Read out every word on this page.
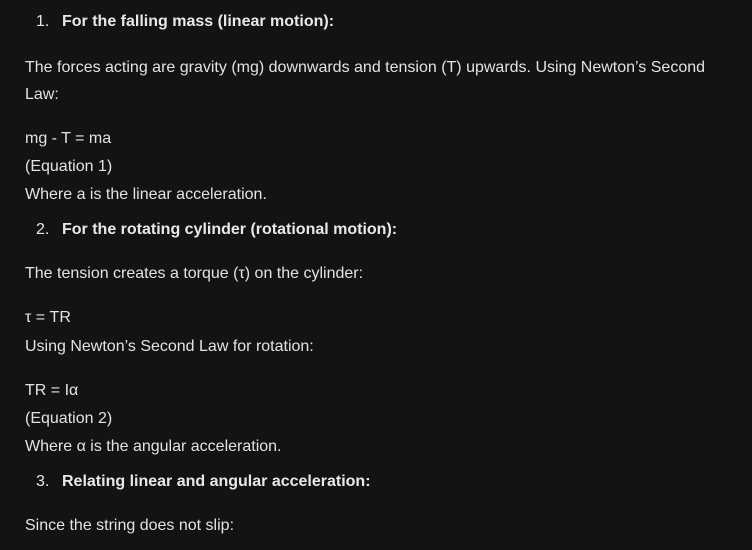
1. For the falling mass (linear motion):
The forces acting are gravity (mg) downwards and tension (T) upwards. Using Newton’s Second Law:
mg - T = ma
(Equation 1)
Where a is the linear acceleration.
2. For the rotating cylinder (rotational motion):
The tension creates a torque (τ) on the cylinder:
τ = TR
Using Newton’s Second Law for rotation:
TR = Iα
(Equation 2)
Where α is the angular acceleration.
3. Relating linear and angular acceleration:
Since the string does not slip:
